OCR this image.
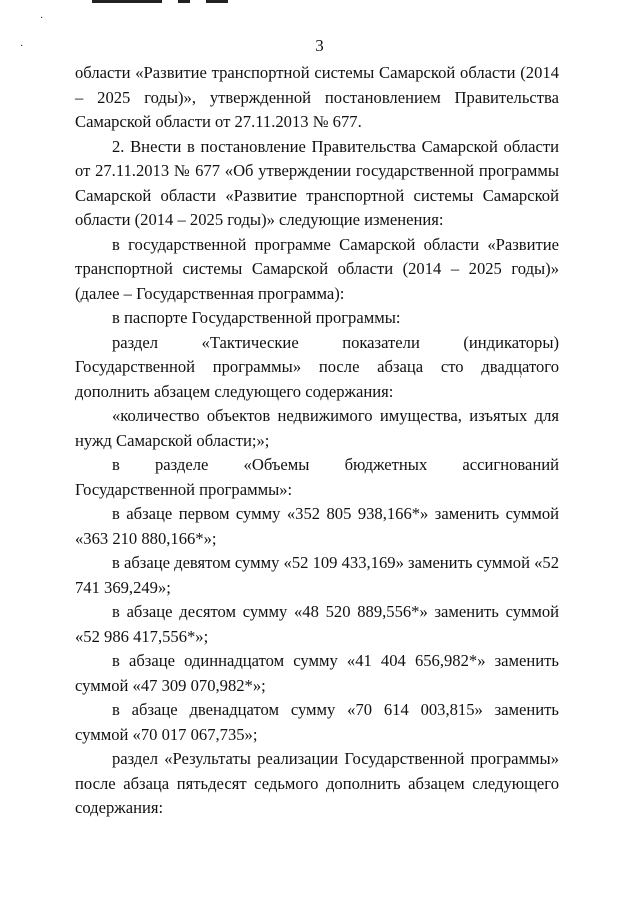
·
·
ˈ
3

области «Развитие транспортной системы Самарской области (2014 – 2025 годы)», утвержденной постановлением Правительства Самарской области от 27.11.2013 № 677.

2. Внести в постановление Правительства Самарской области от 27.11.2013 № 677 «Об утверждении государственной программы Самарской области «Развитие транспортной системы Самарской области (2014 – 2025 годы)» следующие изменения:

в государственной программе Самарской области «Развитие транспортной системы Самарской области (2014 – 2025 годы)» (далее – Государственная программа):

в паспорте Государственной программы:

раздел «Тактические показатели (индикаторы) Государственной программы» после абзаца сто двадцатого дополнить абзацем следующего содержания:

«количество объектов недвижимого имущества, изъятых для нужд Самарской области;»;

в разделе «Объемы бюджетных ассигнований Государственной программы»:

в абзаце первом сумму «352 805 938,166*» заменить суммой «363 210 880,166*»;

в абзаце девятом сумму «52 109 433,169» заменить суммой «52 741 369,249»;

в абзаце десятом сумму «48 520 889,556*» заменить суммой «52 986 417,556*»;

в абзаце одиннадцатом сумму «41 404 656,982*» заменить суммой «47 309 070,982*»;

в абзаце двенадцатом сумму «70 614 003,815» заменить суммой «70 017 067,735»;

раздел «Результаты реализации Государственной программы» после абзаца пятьдесят седьмого дополнить абзацем следующего содержания:
